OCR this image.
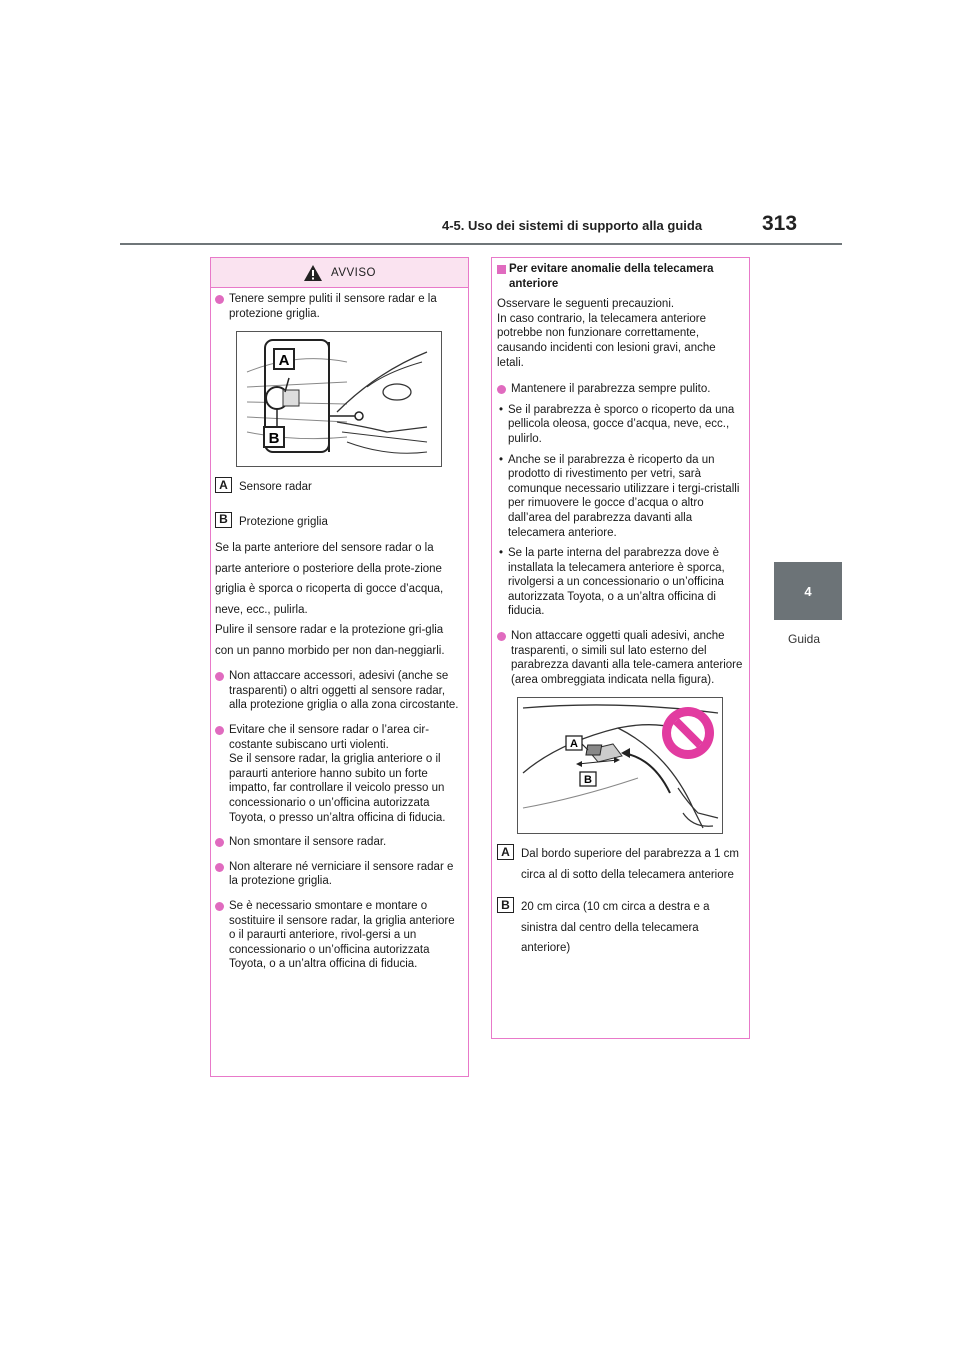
4-5. Uso dei sistemi di supporto alla guida	313
4
Guida
AVVISO
Tenere sempre puliti il sensore radar e la protezione griglia.
A
B
A Sensore radar
B Protezione griglia

Se la parte anteriore del sensore radar o la parte anteriore o posteriore della prote-zione griglia è sporca o ricoperta di gocce d’acqua, neve, ecc., pulirla.

Pulire il sensore radar e la protezione gri-glia con un panno morbido per non dan-neggiarli.

Non attaccare accessori, adesivi (anche se trasparenti) o altri oggetti al sensore radar, alla protezione griglia o alla zona circostante.
Evitare che il sensore radar o l’area cir-costante subiscano urti violenti.
Se il sensore radar, la griglia anteriore o il paraurti anteriore hanno subito un forte impatto, far controllare il veicolo presso un concessionario o un’officina autorizzata Toyota, o presso un’altra officina di fiducia.
Non smontare il sensore radar.
Non alterare né verniciare il sensore radar e la protezione griglia.
Se è necessario smontare e montare o sostituire il sensore radar, la griglia anteriore o il paraurti anteriore, rivol-gersi a un concessionario o un’officina autorizzata Toyota, o a un’altra officina di fiducia.
Per evitare anomalie della telecamera anteriore

Osservare le seguenti precauzioni.
In caso contrario, la telecamera anteriore potrebbe non funzionare correttamente, causando incidenti con lesioni gravi, anche letali.

Mantenere il parabrezza sempre pulito.
• Se il parabrezza è sporco o ricoperto da una pellicola oleosa, gocce d’acqua, neve, ecc., pulirlo.
• Anche se il parabrezza è ricoperto da un prodotto di rivestimento per vetri, sarà comunque necessario utilizzare i tergi-cristalli per rimuovere le gocce d’acqua o altro dall’area del parabrezza davanti alla telecamera anteriore.
• Se la parte interna del parabrezza dove è installata la telecamera anteriore è sporca, rivolgersi a un concessionario o un’officina autorizzata Toyota, o a un’altra officina di fiducia.
Non attaccare oggetti quali adesivi, anche trasparenti, o simili sul lato esterno del parabrezza davanti alla tele-camera anteriore (area ombreggiata indicata nella figura).
A
B
A Dal bordo superiore del parabrezza a 1 cm circa al di sotto della telecamera anteriore
B 20 cm circa (10 cm circa a destra e a sinistra dal centro della telecamera anteriore)
